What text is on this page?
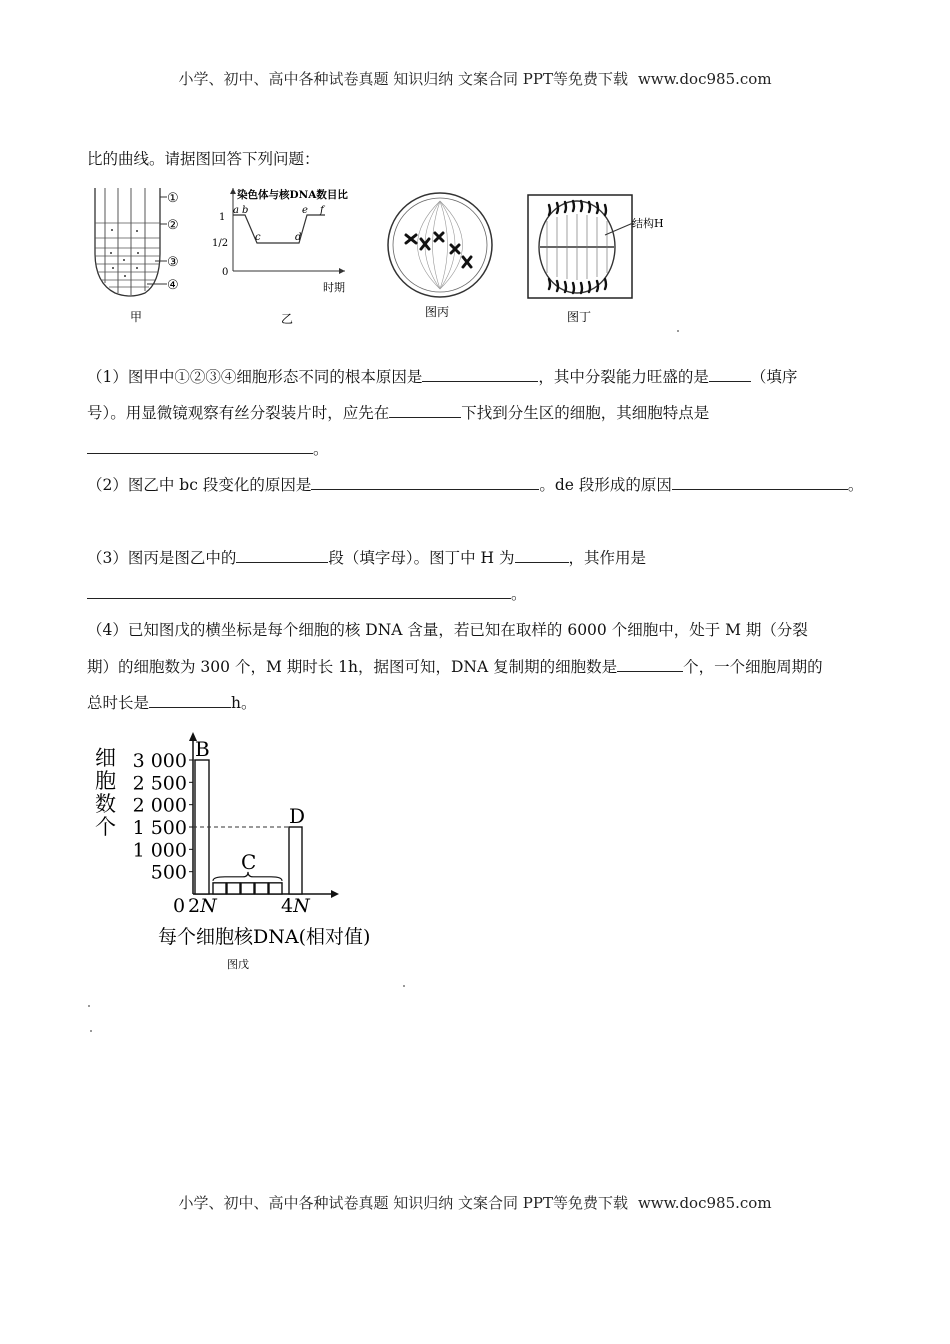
小学、初中、高中各种试卷真题 知识归纳 文案合同 PPT等免费下载 www.doc985.com
比的曲线。请据图回答下列问题：
①
②
③
④
甲
染色体与核DNA数目比
1
1/2
0
a b
c	d
e f
时期
乙	图丙
结构H
图丁
（1）图甲中①②③④细胞形态不同的根本原因是	，其中分裂能力旺盛的是	（填序
号）。用显微镜观察有丝分裂装片时，应先在	下找到分生区的细胞，其细胞特点是
。
（2）图乙中 bc 段变化的原因是	。de 段形成的原因	。
（3）图丙是图乙中的	段（填字母）。图丁中 H 为	，其作用是
。
（4）已知图戊的横坐标是每个细胞的核 DNA 含量，若已知在取样的 6000 个细胞中，处于 M 期（分裂
期）的细胞数为 300 个，M 期时长 1h，据图可知，DNA 复制期的细胞数是	个，一个细胞周期的
总时长是	h。
细
胞
数
个
3 000
2 500
2 000
1 500
1 000
500
0 2N	4N
B
C
D
每个细胞核DNA(相对值)
图戊
小学、初中、高中各种试卷真题 知识归纳 文案合同 PPT等免费下载 www.doc985.com
